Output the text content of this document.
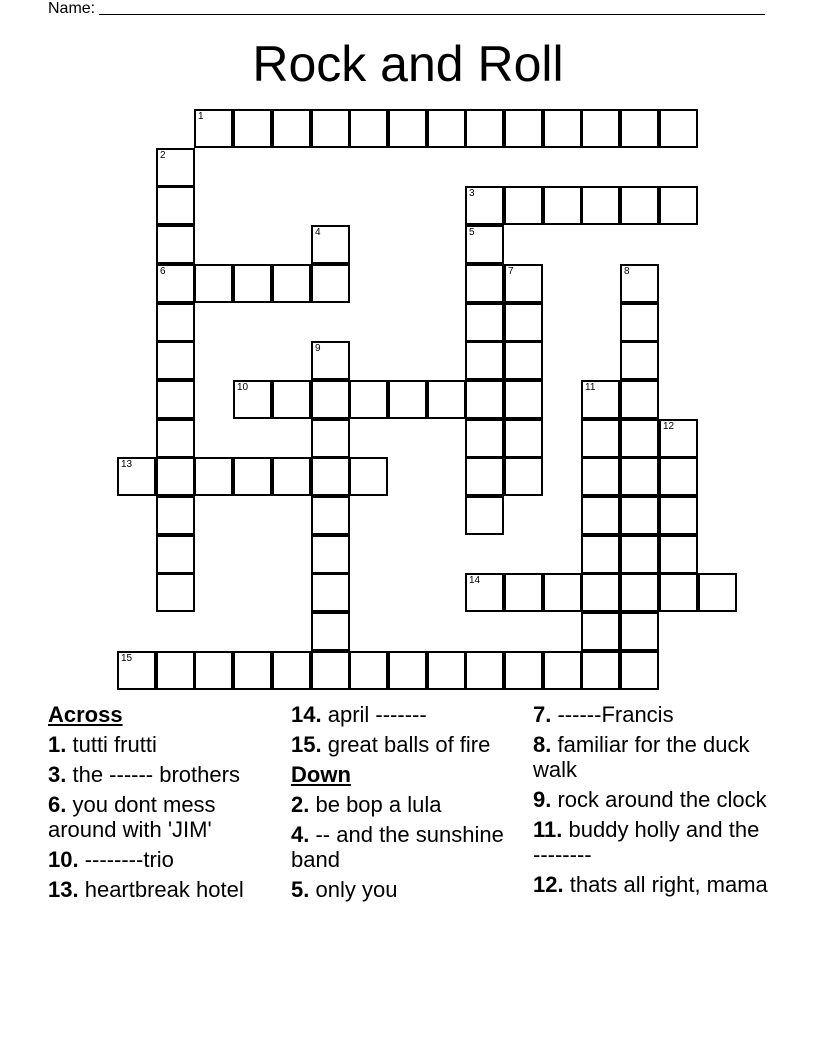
Name:
Rock and Roll
1
2
6
3
4	5
7	8
9
10	11
12
13
14
15
Across
1. tutti frutti
3. the ------ brothers
6. you dont mess around with 'JIM'
10. --------trio
13. heartbreak hotel
14. april -------
15. great balls of fire
Down
2. be bop a lula
4. -- and the sunshine band
5. only you
7. ------Francis
8. familiar for the duck walk
9. rock around the clock
11. buddy holly and the --------
12. thats all right, mama
